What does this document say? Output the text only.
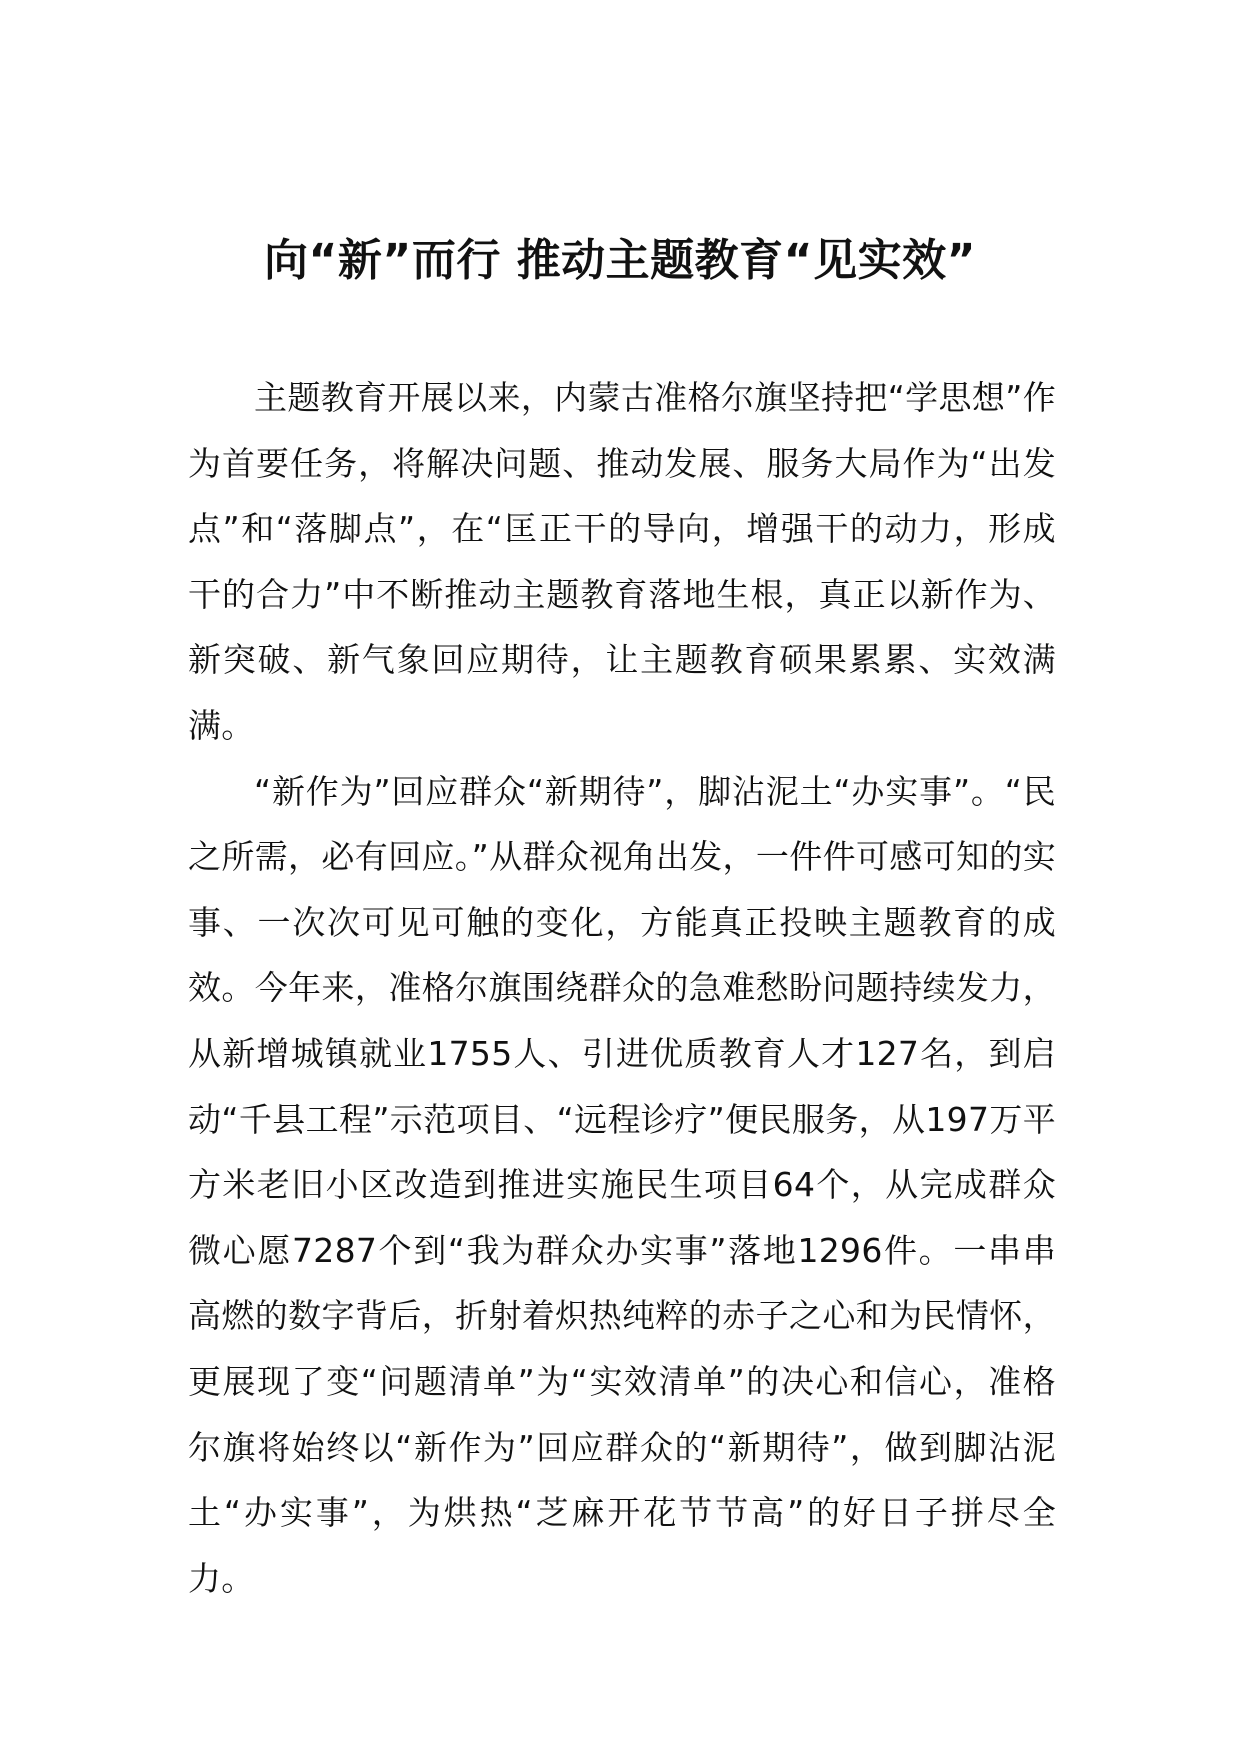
向“新”而行 推动主题教育“见实效”

主题教育开展以来，内蒙古准格尔旗坚持把“学思想”作为首要任务，将解决问题、推动发展、服务大局作为“出发点”和“落脚点”，在“匡正干的导向，增强干的动力，形成干的合力”中不断推动主题教育落地生根，真正以新作为、新突破、新气象回应期待，让主题教育硕果累累、实效满满。

“新作为”回应群众“新期待”，脚沾泥土“办实事”。“民之所需，必有回应。”从群众视角出发，一件件可感可知的实事、一次次可见可触的变化，方能真正投映主题教育的成效。今年来，准格尔旗围绕群众的急难愁盼问题持续发力，从新增城镇就业1755人、引进优质教育人才127名，到启动“千县工程”示范项目、“远程诊疗”便民服务，从197万平方米老旧小区改造到推进实施民生项目64个，从完成群众微心愿7287个到“我为群众办实事”落地1296件。一串串高燃的数字背后，折射着炽热纯粹的赤子之心和为民情怀，更展现了变“问题清单”为“实效清单”的决心和信心，准格尔旗将始终以“新作为”回应群众的“新期待”，做到脚沾泥土“办实事”，为烘热“芝麻开花节节高”的好日子拼尽全力。
